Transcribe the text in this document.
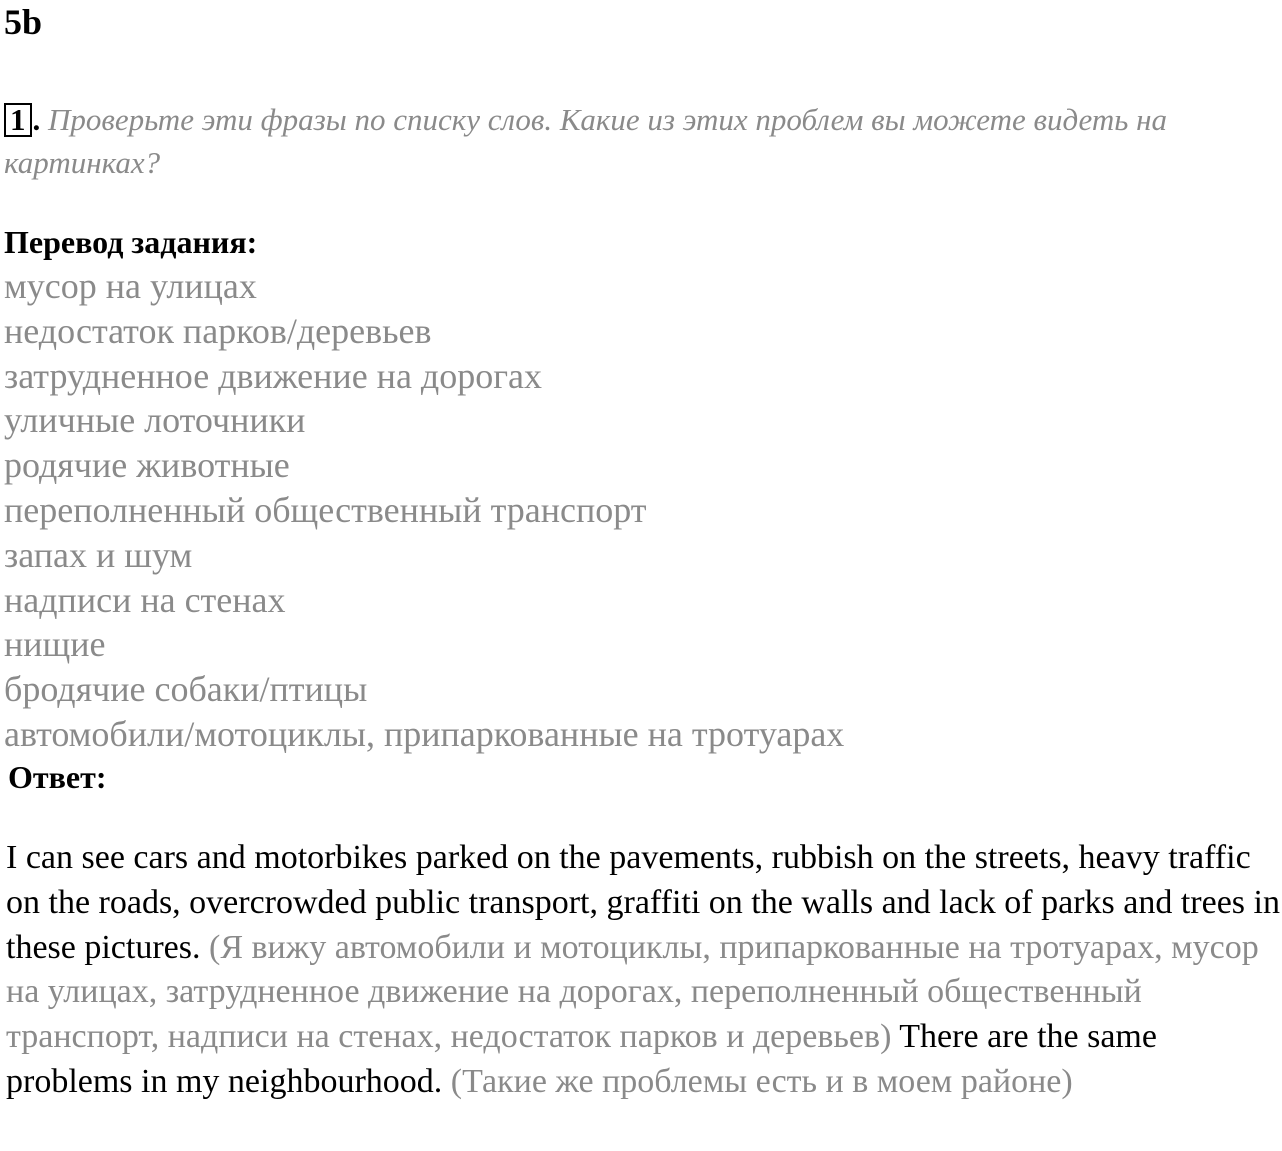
5b

1 . Проверьте эти фразы по списку слов. Какие из этих проблем вы можете видеть на картинках?

Перевод задания:
мусор на улицах
недостаток парков/деревьев
затрудненное движение на дорогах
уличные лоточники
родячие животные
переполненный общественный транспорт
запах и шум
надписи на стенах
нищие
бродячие собаки/птицы
автомобили/мотоциклы, припаркованные на тротуарах
Ответ:

I can see cars and motorbikes parked on the pavements, rubbish on the streets, heavy traffic on the roads, overcrowded public transport, graffiti on the walls and lack of parks and trees in these pictures. (Я вижу автомобили и мотоциклы, припаркованные на тротуарах, мусор на улицах, затрудненное движение на дорогах, переполненный общественный транспорт, надписи на стенах, недостаток парков и деревьев) There are the same problems in my neighbourhood. (Такие же проблемы есть и в моем районе)
